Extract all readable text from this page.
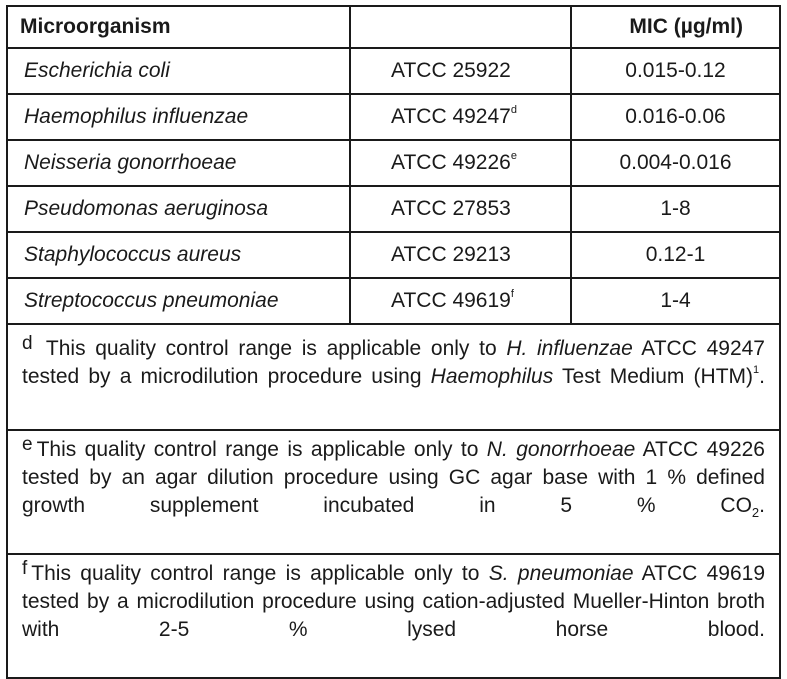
Microorganism		MIC (µg/ml)
Escherichia coli	ATCC 25922	0.015-0.12
Haemophilus influenzae	ATCC 49247$^d$	0.016-0.06
Neisseria gonorrhoeae	ATCC 49226e	0.004-0.016
Pseudomonas aeruginosa	ATCC 27853	1-8
Staphylococcus aureus	ATCC 29213	0.12-1
Streptococcus pneumoniae	ATCC 49619$^f$	1-4
d This quality control range is applicable only to H. influenzae ATCC 49247 tested by a microdilution procedure using Haemophilus Test Medium (HTM)$^1$.		
e This quality control range is applicable only to N. gonorrhoeae ATCC 49226 tested by an agar dilution procedure using GC agar base with 1 % defined growth supplement incubated in 5 % $CO_2$.		
f This quality control range is applicable only to S. pneumoniae ATCC 49619 tested by a microdilution procedure using cation-adjusted Mueller-Hinton broth with 2-5 % lysed horse blood.		
